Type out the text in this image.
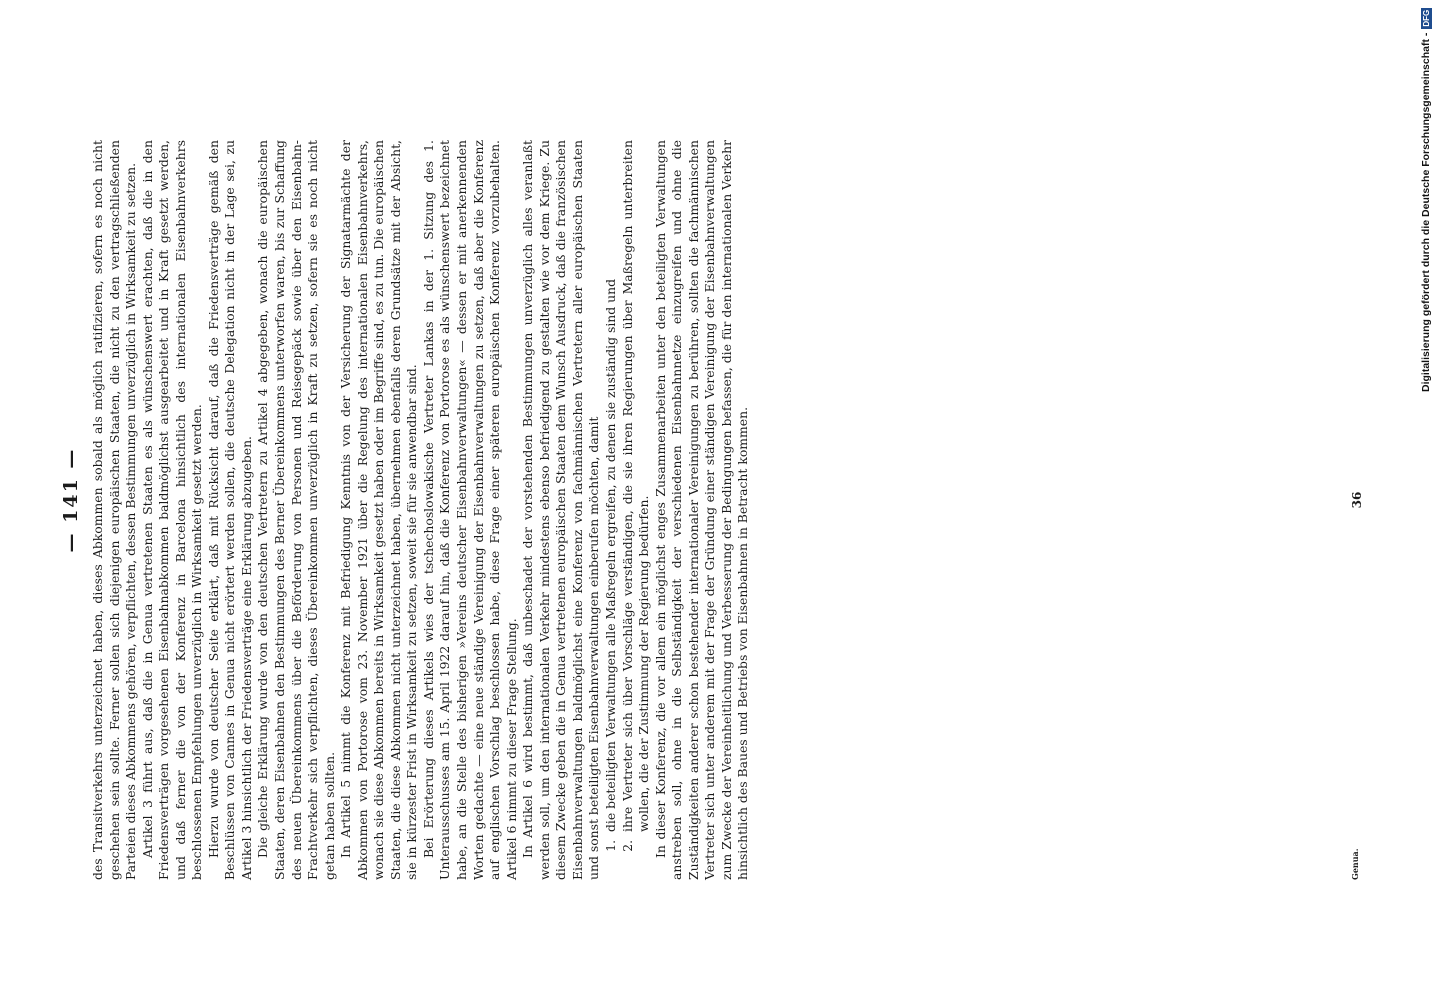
— 141 — des Transitverkehrs unterzeichnet haben, dieses Abkommen sobald als möglich ratifizieren, sofern es noch nicht geschehen sein sollte. Ferner sollen sich diejenigen europäischen Staaten, die nicht zu den vertragschließenden Parteien dieses Abkommens gehören, verpflichten, dessen Bestimmungen unverzüglich in Wirksamkeit zu setzen. Artikel 3 führt aus, daß die in Genua vertretenen Staaten es als wünschenswert erachten, daß die in den Friedensverträgen vorgesehenen Eisenbahnabkommen baldmöglichst ausgearbeitet und in Kraft gesetzt werden, und daß ferner die von der Konferenz in Barcelona hinsichtlich des internationalen Eisenbahnverkehrs beschlossenen Empfehlungen unverzüglich in Wirksamkeit gesetzt werden. Hierzu wurde von deutscher Seite erklärt, daß mit Rücksicht darauf, daß die Friedensverträge gemäß den Beschlüssen von Cannes in Genua nicht erörtert werden sollen, die deutsche Delegation nicht in der Lage sei, zu Artikel 3 hinsichtlich der Friedensverträge eine Erklärung abzugeben. Die gleiche Erklärung wurde von den deutschen Vertretern zu Artikel 4 abgegeben, wonach die europäischen Staaten, deren Eisenbahnen den Bestimmungen des Berner Übereinkommens unterworfen waren, bis zur Schaffung des neuen Übereinkommens über die Beförderung von Personen und Reisegepäck sowie über den Eisenbahn-Frachtverkehr sich verpflichten, dieses Übereinkommen unverzüglich in Kraft zu setzen, sofern sie es noch nicht getan haben sollten. In Artikel 5 nimmt die Konferenz mit Befriedigung Kenntnis von der Versicherung der Signatarmächte der Abkommen von Portorose vom 23. November 1921 über die Regelung des internationalen Eisenbahnverkehrs, wonach sie diese Abkommen bereits in Wirksamkeit gesetzt haben oder im Begriffe sind, es zu tun. Die europäischen Staaten, die diese Abkommen nicht unterzeichnet haben, übernehmen ebenfalls deren Grundsätze mit der Absicht, sie in kürzester Frist in Wirksamkeit zu setzen, soweit sie für sie anwendbar sind. Bei Erörterung dieses Artikels wies der tschechoslowakische Vertreter Lankas in der 1. Sitzung des 1. Unterausschusses am 15. April 1922 darauf hin, daß die Konferenz von Portorose es als wünschenswert bezeichnet habe, an die Stelle des bisherigen »Vereins deutscher Eisenbahnverwaltungen« — dessen er mit anerkennenden Worten gedachte — eine neue ständige Vereinigung der Eisenbahnverwaltungen zu setzen, daß aber die Konferenz auf englischen Vorschlag beschlossen habe, diese Frage einer späteren europäischen Konferenz vorzubehalten. Artikel 6 nimmt zu dieser Frage Stellung. In Artikel 6 wird bestimmt, daß unbeschadet der vorstehenden Bestimmungen unverzüglich alles veranlaßt werden soll, um den internationalen Verkehr mindestens ebenso befriedigend zu gestalten wie vor dem Kriege. Zu diesem Zwecke geben die in Genua vertretenen europäischen Staaten dem Wunsch Ausdruck, daß die französischen Eisenbahnverwaltungen baldmöglichst eine Konferenz von fachmännischen Vertretern aller europäischen Staaten und sonst beteiligten Eisenbahnverwaltungen einberufen möchten, damit 1. die beteiligten Verwaltungen alle Maßregeln ergreifen, zu denen sie zuständig sind und 2. ihre Vertreter sich über Vorschläge verständigen, die sie ihren Regierungen über Maßregeln unterbreiten wollen, die der Zustimmung der Regierung bedürfen. In dieser Konferenz, die vor allem ein möglichst enges Zusammenarbeiten unter den beteiligten Verwaltungen anstreben soll, ohne in die Selbständigkeit der verschiedenen Eisenbahnnetze einzugreifen und ohne die Zuständigkeiten anderer schon bestehender internationaler Vereinigungen zu berühren, sollten die fachmännischen Vertreter sich unter anderem mit der Frage der Gründung einer ständigen Vereinigung der Eisenbahnverwaltungen zum Zwecke der Vereinheitlichung und Verbesserung der Bedingungen befassen, die für den internationalen Verkehr hinsichtlich des Baues und Betriebs von Eisenbahnen in Betracht kommen.	Genua.
36
Digitalisierung gefördert durch die Deutsche Forschungsgemeinschaft -
DFG
